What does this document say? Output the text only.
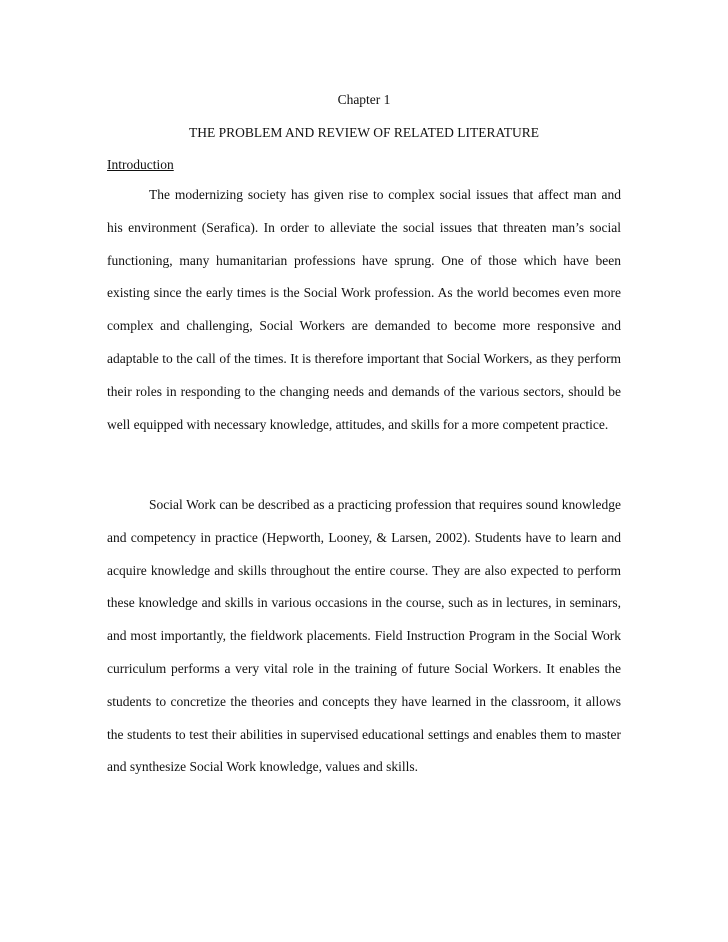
Chapter 1

THE PROBLEM AND REVIEW OF RELATED LITERATURE
Introduction

The modernizing society has given rise to complex social issues that affect man and his environment (Serafica). In order to alleviate the social issues that threaten man’s social functioning, many humanitarian professions have sprung. One of those which have been existing since the early times is the Social Work profession. As the world becomes even more complex and challenging, Social Workers are demanded to become more responsive and adaptable to the call of the times. It is therefore important that Social Workers, as they perform their roles in responding to the changing needs and demands of the various sectors, should be well equipped with necessary knowledge, attitudes, and skills for a more competent practice.

Social Work can be described as a practicing profession that requires sound knowledge and competency in practice (Hepworth, Looney, & Larsen, 2002). Students have to learn and acquire knowledge and skills throughout the entire course. They are also expected to perform these knowledge and skills in various occasions in the course, such as in lectures, in seminars, and most importantly, the fieldwork placements. Field Instruction Program in the Social Work curriculum performs a very vital role in the training of future Social Workers. It enables the students to concretize the theories and concepts they have learned in the classroom, it allows the students to test their abilities in supervised educational settings and enables them to master and synthesize Social Work knowledge, values and skills.
